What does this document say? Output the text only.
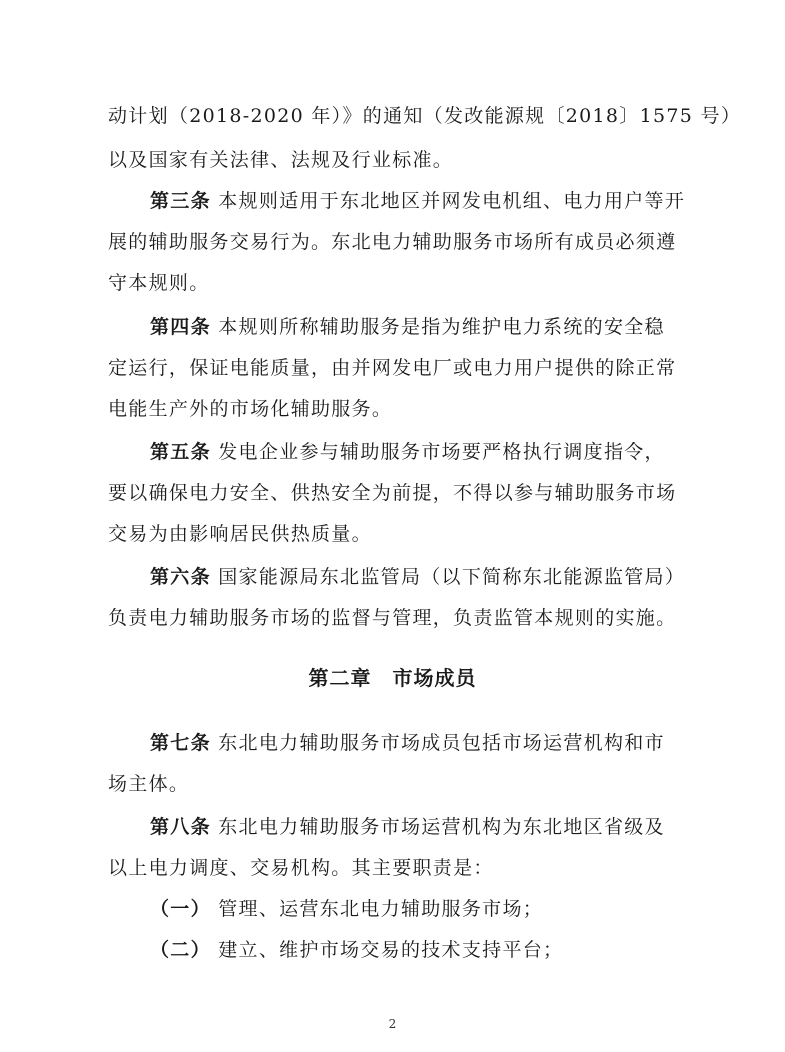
动计划（2018-2020 年）》的通知（发改能源规〔2018〕1575 号）
以及国家有关法律、法规及行业标准。
第三条 本规则适用于东北地区并网发电机组、电力用户等开
展的辅助服务交易行为。东北电力辅助服务市场所有成员必须遵
守本规则。
第四条 本规则所称辅助服务是指为维护电力系统的安全稳
定运行，保证电能质量，由并网发电厂或电力用户提供的除正常
电能生产外的市场化辅助服务。
第五条 发电企业参与辅助服务市场要严格执行调度指令，
要以确保电力安全、供热安全为前提，不得以参与辅助服务市场
交易为由影响居民供热质量。
第六条 国家能源局东北监管局（以下简称东北能源监管局）
负责电力辅助服务市场的监督与管理，负责监管本规则的实施。
第二章　市场成员
第七条 东北电力辅助服务市场成员包括市场运营机构和市
场主体。
第八条 东北电力辅助服务市场运营机构为东北地区省级及
以上电力调度、交易机构。其主要职责是：
（一） 管理、运营东北电力辅助服务市场；
（二） 建立、维护市场交易的技术支持平台；
2
